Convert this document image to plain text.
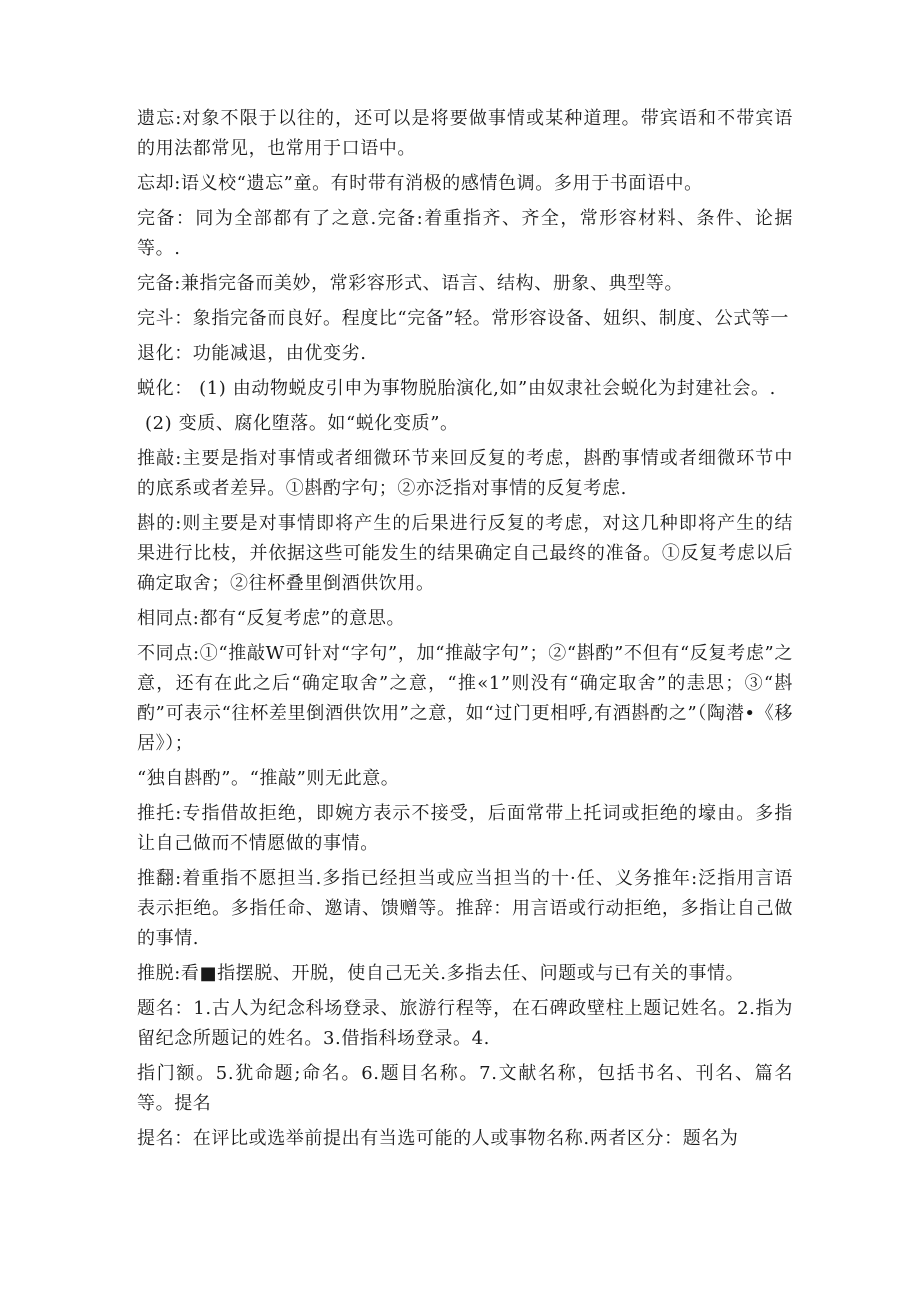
遗忘:对象不限于以往的，还可以是将要做事情或某种道理。带宾语和不带宾语的用法都常见，也常用于口语中。

忘却:语义校“遗忘”童。有时带有消极的感情色调。多用于书面语中。

完备：同为全部都有了之意.完备:着重指齐、齐全，常形容材料、条件、论据等。.

完备:兼指完备而美妙，常彩容形式、语言、结构、册象、典型等。

完斗：象指完备而良好。程度比“完备”轻。常形容设备、妞织、制度、公式等一

退化：功能减退，由优变劣.

蜕化： (1) 由动物蜕皮引申为事物脱胎演化,如”由奴隶社会蜕化为封建社会。.

(2) 变质、腐化堕落。如“蜕化变质”。

推敲:主要是指对事情或者细微环节来回反复的考虑，斟酌事情或者细微环节中的底系或者差异。①斟酌字句；②亦泛指对事情的反复考虑.

斟的:则主要是对事情即将产生的后果进行反复的考虑，对这几种即将产生的结果进行比枝，并依据这些可能发生的结果确定自己最终的准备。①反复考虑以后确定取舍；②往杯叠里倒酒供饮用。

相同点:都有“反复考虑”的意思。

不同点:①“推敲W可针对“字句”，加“推敲字句”；②“斟酌”不但有“反复考虑”之意，还有在此之后“确定取舍”之意，“推«1”则没有“确定取舍”的恚思；③“斟酌”可表示“往杯差里倒酒供饮用”之意，如“过门更相呼,有酒斟酌之”（陶潜•《移居》）；

“独自斟酌”。“推敲”则无此意。

推托:专指借故拒绝，即婉方表示不接受，后面常带上托词或拒绝的壕由。多指让自己做而不情愿做的事情。

推翻:着重指不愿担当.多指已经担当或应当担当的十·任、义务推年:泛指用言语表示拒绝。多指任命、邀请、馈赠等。推辞：用言语或行动拒绝，多指让自己做的事情.

推脱:看■指摆脱、开脱，使自己无关.多指去任、问题或与已有关的事情。

题名：1.古人为纪念科场登录、旅游行程等，在石碑政壁柱上题记姓名。2.指为留纪念所题记的姓名。3.借指科场登录。4.

指门额。5.犹命题;命名。6.题目名称。7.文献名称，包括书名、刊名、篇名等。提名

提名：在评比或选举前提出有当选可能的人或事物名称.两者区分：题名为
